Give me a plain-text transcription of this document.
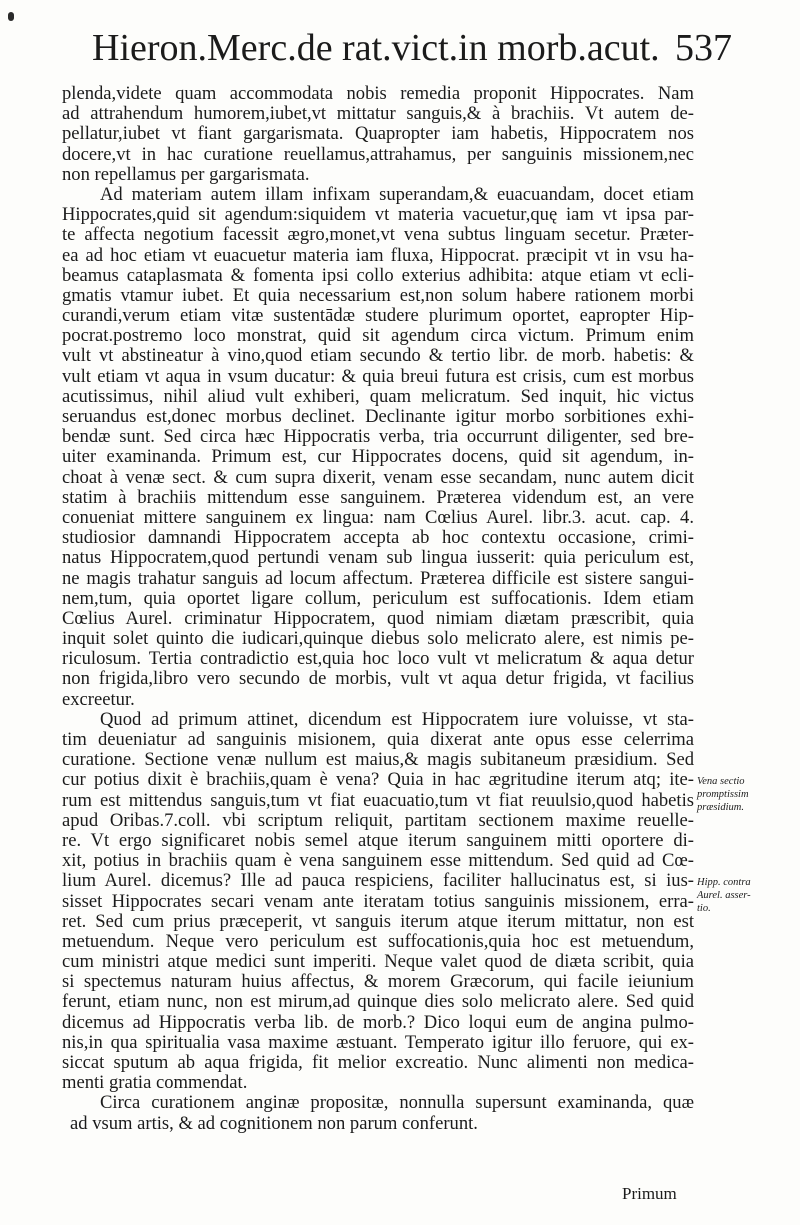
Hieron.Merc.de rat.vict.in morb.acut. 537
plenda,videte quam accommodata nobis remedia proponit Hippocrates. Nam
ad attrahendum humorem,iubet,vt mittatur sanguis,& à brachiis. Vt autem de-
pellatur,iubet vt fiant gargarismata. Quapropter iam habetis, Hippocratem nos
docere,vt in hac curatione reuellamus,attrahamus, per sanguinis missionem,nec
non repellamus per gargarismata.
Ad materiam autem illam infixam superandam,& euacuandam, docet etiam
Hippocrates,quid sit agendum:siquidem vt materia vacuetur,quę iam vt ipsa par-
te affecta negotium facessit ægro,monet,vt vena subtus linguam secetur. Præter-
ea ad hoc etiam vt euacuetur materia iam fluxa, Hippocrat. præcipit vt in vsu ha-
beamus cataplasmata & fomenta ipsi collo exterius adhibita: atque etiam vt ecli-
gmatis vtamur iubet. Et quia necessarium est,non solum habere rationem morbi
curandi,verum etiam vitæ sustentādæ studere plurimum oportet, eapropter Hip-
pocrat.postremo loco monstrat, quid sit agendum circa victum. Primum enim
vult vt abstineatur à vino,quod etiam secundo & tertio libr. de morb. habetis: &
vult etiam vt aqua in vsum ducatur: & quia breui futura est crisis, cum est morbus
acutissimus, nihil aliud vult exhiberi, quam melicratum. Sed inquit, hic victus
seruandus est,donec morbus declinet. Declinante igitur morbo sorbitiones exhi-
bendæ sunt. Sed circa hæc Hippocratis verba, tria occurrunt diligenter, sed bre-
uiter examinanda. Primum est, cur Hippocrates docens, quid sit agendum, in-
choat à venæ sect. & cum supra dixerit, venam esse secandam, nunc autem dicit
statim à brachiis mittendum esse sanguinem. Præterea videndum est, an vere
conueniat mittere sanguinem ex lingua: nam Cœlius Aurel. libr.3. acut. cap. 4.
studiosior damnandi Hippocratem accepta ab hoc contextu occasione, crimi-
natus Hippocratem,quod pertundi venam sub lingua iusserit: quia periculum est,
ne magis trahatur sanguis ad locum affectum. Præterea difficile est sistere sangui-
nem,tum, quia oportet ligare collum, periculum est suffocationis. Idem etiam
Cœlius Aurel. criminatur Hippocratem, quod nimiam diætam præscribit, quia
inquit solet quinto die iudicari,quinque diebus solo melicrato alere, est nimis pe-
riculosum. Tertia contradictio est,quia hoc loco vult vt melicratum & aqua detur
non frigida,libro vero secundo de morbis, vult vt aqua detur frigida, vt facilius
excreetur.
Quod ad primum attinet, dicendum est Hippocratem iure voluisse, vt sta-
tim deueniatur ad sanguinis misionem, quia dixerat ante opus esse celerrima
curatione. Sectione venæ nullum est maius,& magis subitaneum præsidium. Sed
cur potius dixit è brachiis,quam è vena? Quia in hac ægritudine iterum atq; ite-
rum est mittendus sanguis,tum vt fiat euacuatio,tum vt fiat reuulsio,quod habetis
apud Oribas.7.coll. vbi scriptum reliquit, partitam sectionem maxime reuelle-
re. Vt ergo significaret nobis semel atque iterum sanguinem mitti oportere di-
xit, potius in brachiis quam è vena sanguinem esse mittendum. Sed quid ad Cœ-
lium Aurel. dicemus? Ille ad pauca respiciens, faciliter hallucinatus est, si ius-
sisset Hippocrates secari venam ante iteratam totius sanguinis missionem, erra-
ret. Sed cum prius præceperit, vt sanguis iterum atque iterum mittatur, non est
metuendum. Neque vero periculum est suffocationis,quia hoc est metuendum,
cum ministri atque medici sunt imperiti. Neque valet quod de diæta scribit, quia
si spectemus naturam huius affectus, & morem Græcorum, qui facile ieiunium
ferunt, etiam nunc, non est mirum,ad quinque dies solo melicrato alere. Sed quid
dicemus ad Hippocratis verba lib. de morb.? Dico loqui eum de angina pulmo-
nis,in qua spiritualia vasa maxime æstuant. Temperato igitur illo feruore, qui ex-
siccat sputum ab aqua frigida, fit melior excreatio. Nunc alimenti non medica-
menti gratia commendat.
Circa curationem anginæ propositæ, nonnulla supersunt examinanda, quæ
ad vsum artis, & ad cognitionem non parum conferunt.
Vena sectio
promptissim
præsidium.
Hipp. contra
Aurel. asser-
tio.
Primum
